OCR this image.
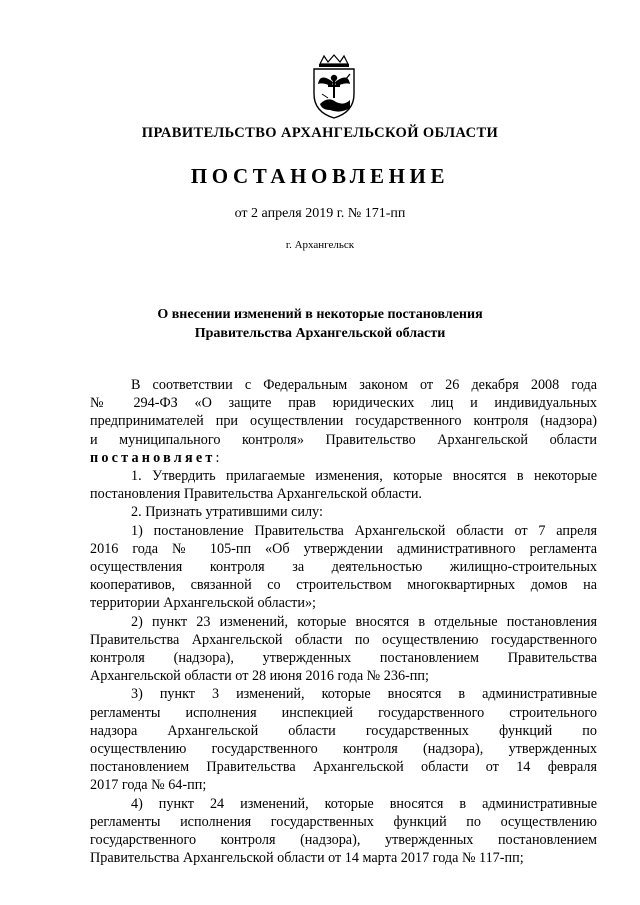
ПРАВИТЕЛЬСТВО АРХАНГЕЛЬСКОЙ ОБЛАСТИ
ПОСТАНОВЛЕНИЕ
от 2 апреля 2019 г. № 171-пп
г. Архангельск
О внесении изменений в некоторые постановления
Правительства Архангельской области

В соответствии с Федеральным законом от 26 декабря 2008 года

№ 294-ФЗ «О защите прав юридических лиц и индивидуальных

предпринимателей при осуществлении государственного контроля (надзора)

и муниципального контроля» Правительство Архангельской области

постановляет:

1. Утвердить прилагаемые изменения, которые вносятся в некоторые

постановления Правительства Архангельской области.

2. Признать утратившими силу:

1) постановление Правительства Архангельской области от 7 апреля

2016 года № 105-пп «Об утверждении административного регламента

осуществления контроля за деятельностью жилищно-строительных

кооперативов, связанной со строительством многоквартирных домов на

территории Архангельской области»;

2) пункт 23 изменений, которые вносятся в отдельные постановления

Правительства Архангельской области по осуществлению государственного

контроля (надзора), утвержденных постановлением Правительства

Архангельской области от 28 июня 2016 года № 236-пп;

3) пункт 3 изменений, которые вносятся в административные

регламенты исполнения инспекцией государственного строительного

надзора Архангельской области государственных функций по

осуществлению государственного контроля (надзора), утвержденных

постановлением Правительства Архангельской области от 14 февраля

2017 года № 64-пп;

4) пункт 24 изменений, которые вносятся в административные

регламенты исполнения государственных функций по осуществлению

государственного контроля (надзора), утвержденных постановлением

Правительства Архангельской области от 14 марта 2017 года № 117-пп;
